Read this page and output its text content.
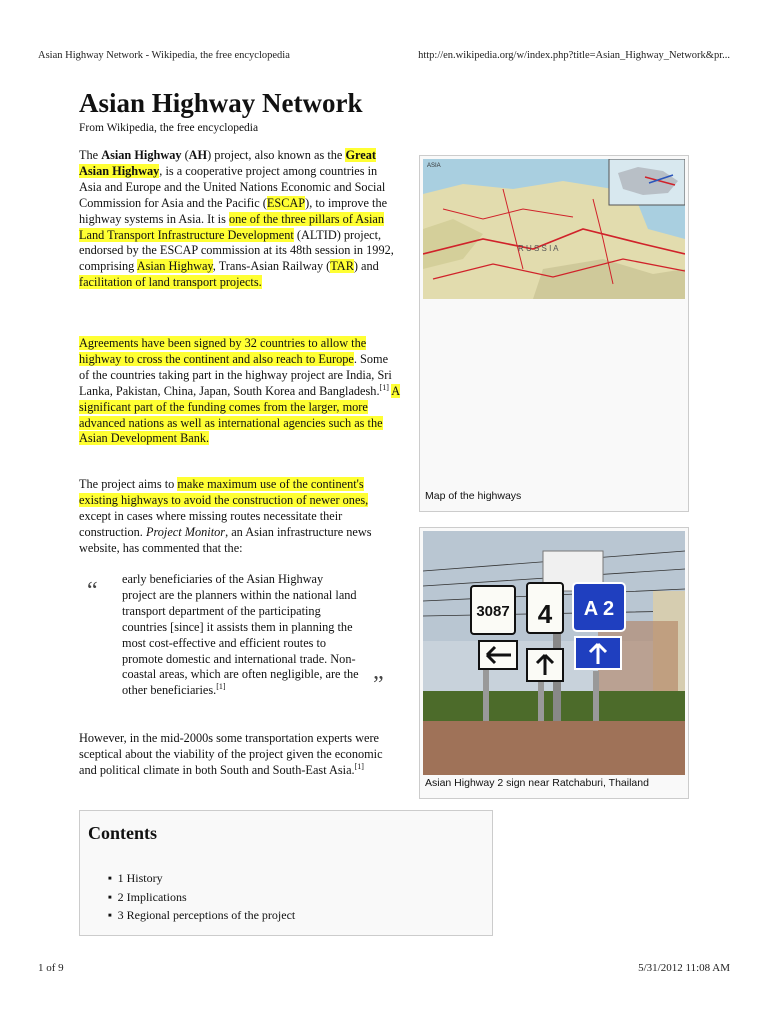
Asian Highway Network - Wikipedia, the free encyclopedia	http://en.wikipedia.org/w/index.php?title=Asian_Highway_Network&pr...
Asian Highway Network
From Wikipedia, the free encyclopedia

The Asian Highway (AH) project, also known as the Great Asian Highway, is a cooperative project among countries in Asia and Europe and the United Nations Economic and Social Commission for Asia and the Pacific (ESCAP), to improve the highway systems in Asia. It is one of the three pillars of Asian Land Transport Infrastructure Development (ALTID) project, endorsed by the ESCAP commission at its 48th session in 1992, comprising Asian Highway, Trans-Asian Railway (TAR) and facilitation of land transport projects.

Agreements have been signed by 32 countries to allow the highway to cross the continent and also reach to Europe. Some of the countries taking part in the highway project are India, Sri Lanka, Pakistan, China, Japan, South Korea and Bangladesh.[1] A significant part of the funding comes from the larger, more advanced nations as well as international agencies such as the Asian Development Bank.

The project aims to make maximum use of the continent's existing highways to avoid the construction of newer ones, except in cases where missing routes necessitate their construction. Project Monitor, an Asian infrastructure news website, has commented that the:

“ early beneficiaries of the Asian Highway project are the planners within the national land transport department of the participating countries [since] it assists them in planning the most cost-effective and efficient routes to promote domestic and international trade. Non-coastal areas, which are often negligible, are the other beneficiaries.[1]	”

However, in the mid-2000s some transportation experts were sceptical about the viability of the project given the economic and political climate in both South and South-East Asia.[1]

ASIA
R U S S I A
Map of the highways
3087 4 A 2
Asian Highway 2 sign near Ratchaburi, Thailand
Contents
■ 1 History
■ 2 Implications
■ 3 Regional perceptions of the project
1 of 9	5/31/2012 11:08 AM
